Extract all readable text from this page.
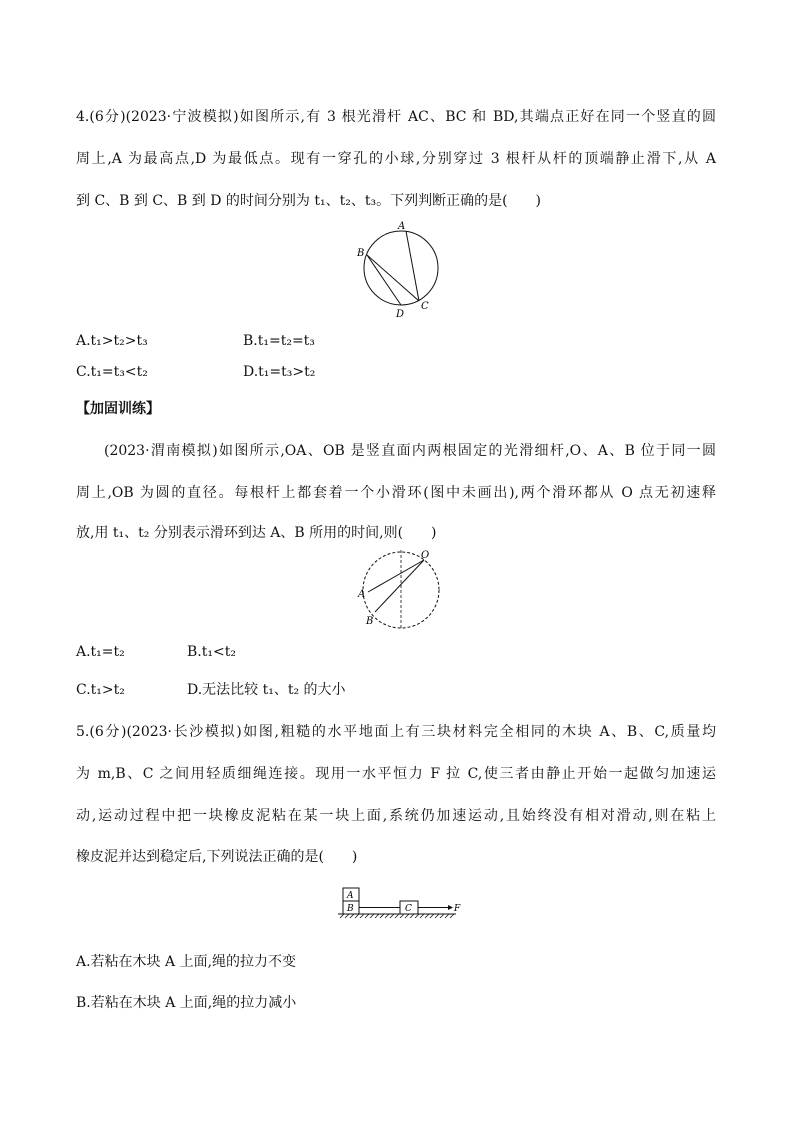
4.(6分)(2023·宁波模拟)如图所示,有 3 根光滑杆 AC、BC 和 BD,其端点正好在同一个竖直的圆
周上,A 为最高点,D 为最低点。现有一穿孔的小球,分别穿过 3 根杆从杆的顶端静止滑下,从 A
到 C、B 到 C、B 到 D 的时间分别为 t₁、t₂、t₃。下列判断正确的是(　　)
A
B
C
D
A.t₁>t₂>t₃	B.t₁=t₂=t₃
C.t₁=t₃<t₂	D.t₁=t₃>t₂
【加固训练】
(2023·渭南模拟)如图所示,OA、OB 是竖直面内两根固定的光滑细杆,O、A、B 位于同一圆
周上,OB 为圆的直径。每根杆上都套着一个小滑环(图中未画出),两个滑环都从 O 点无初速释
放,用 t₁、t₂ 分别表示滑环到达 A、B 所用的时间,则(　　)
O
A
B
A.t₁=t₂	B.t₁<t₂
C.t₁>t₂	D.无法比较 t₁、t₂ 的大小
5.(6分)(2023·长沙模拟)如图,粗糙的水平地面上有三块材料完全相同的木块 A、B、C,质量均
为 m,B、C 之间用轻质细绳连接。现用一水平恒力 F 拉 C,使三者由静止开始一起做匀加速运
动,运动过程中把一块橡皮泥粘在某一块上面,系统仍加速运动,且始终没有相对滑动,则在粘上
橡皮泥并达到稳定后,下列说法正确的是(　　)
A
B	C	F
A.若粘在木块 A 上面,绳的拉力不变
B.若粘在木块 A 上面,绳的拉力减小
